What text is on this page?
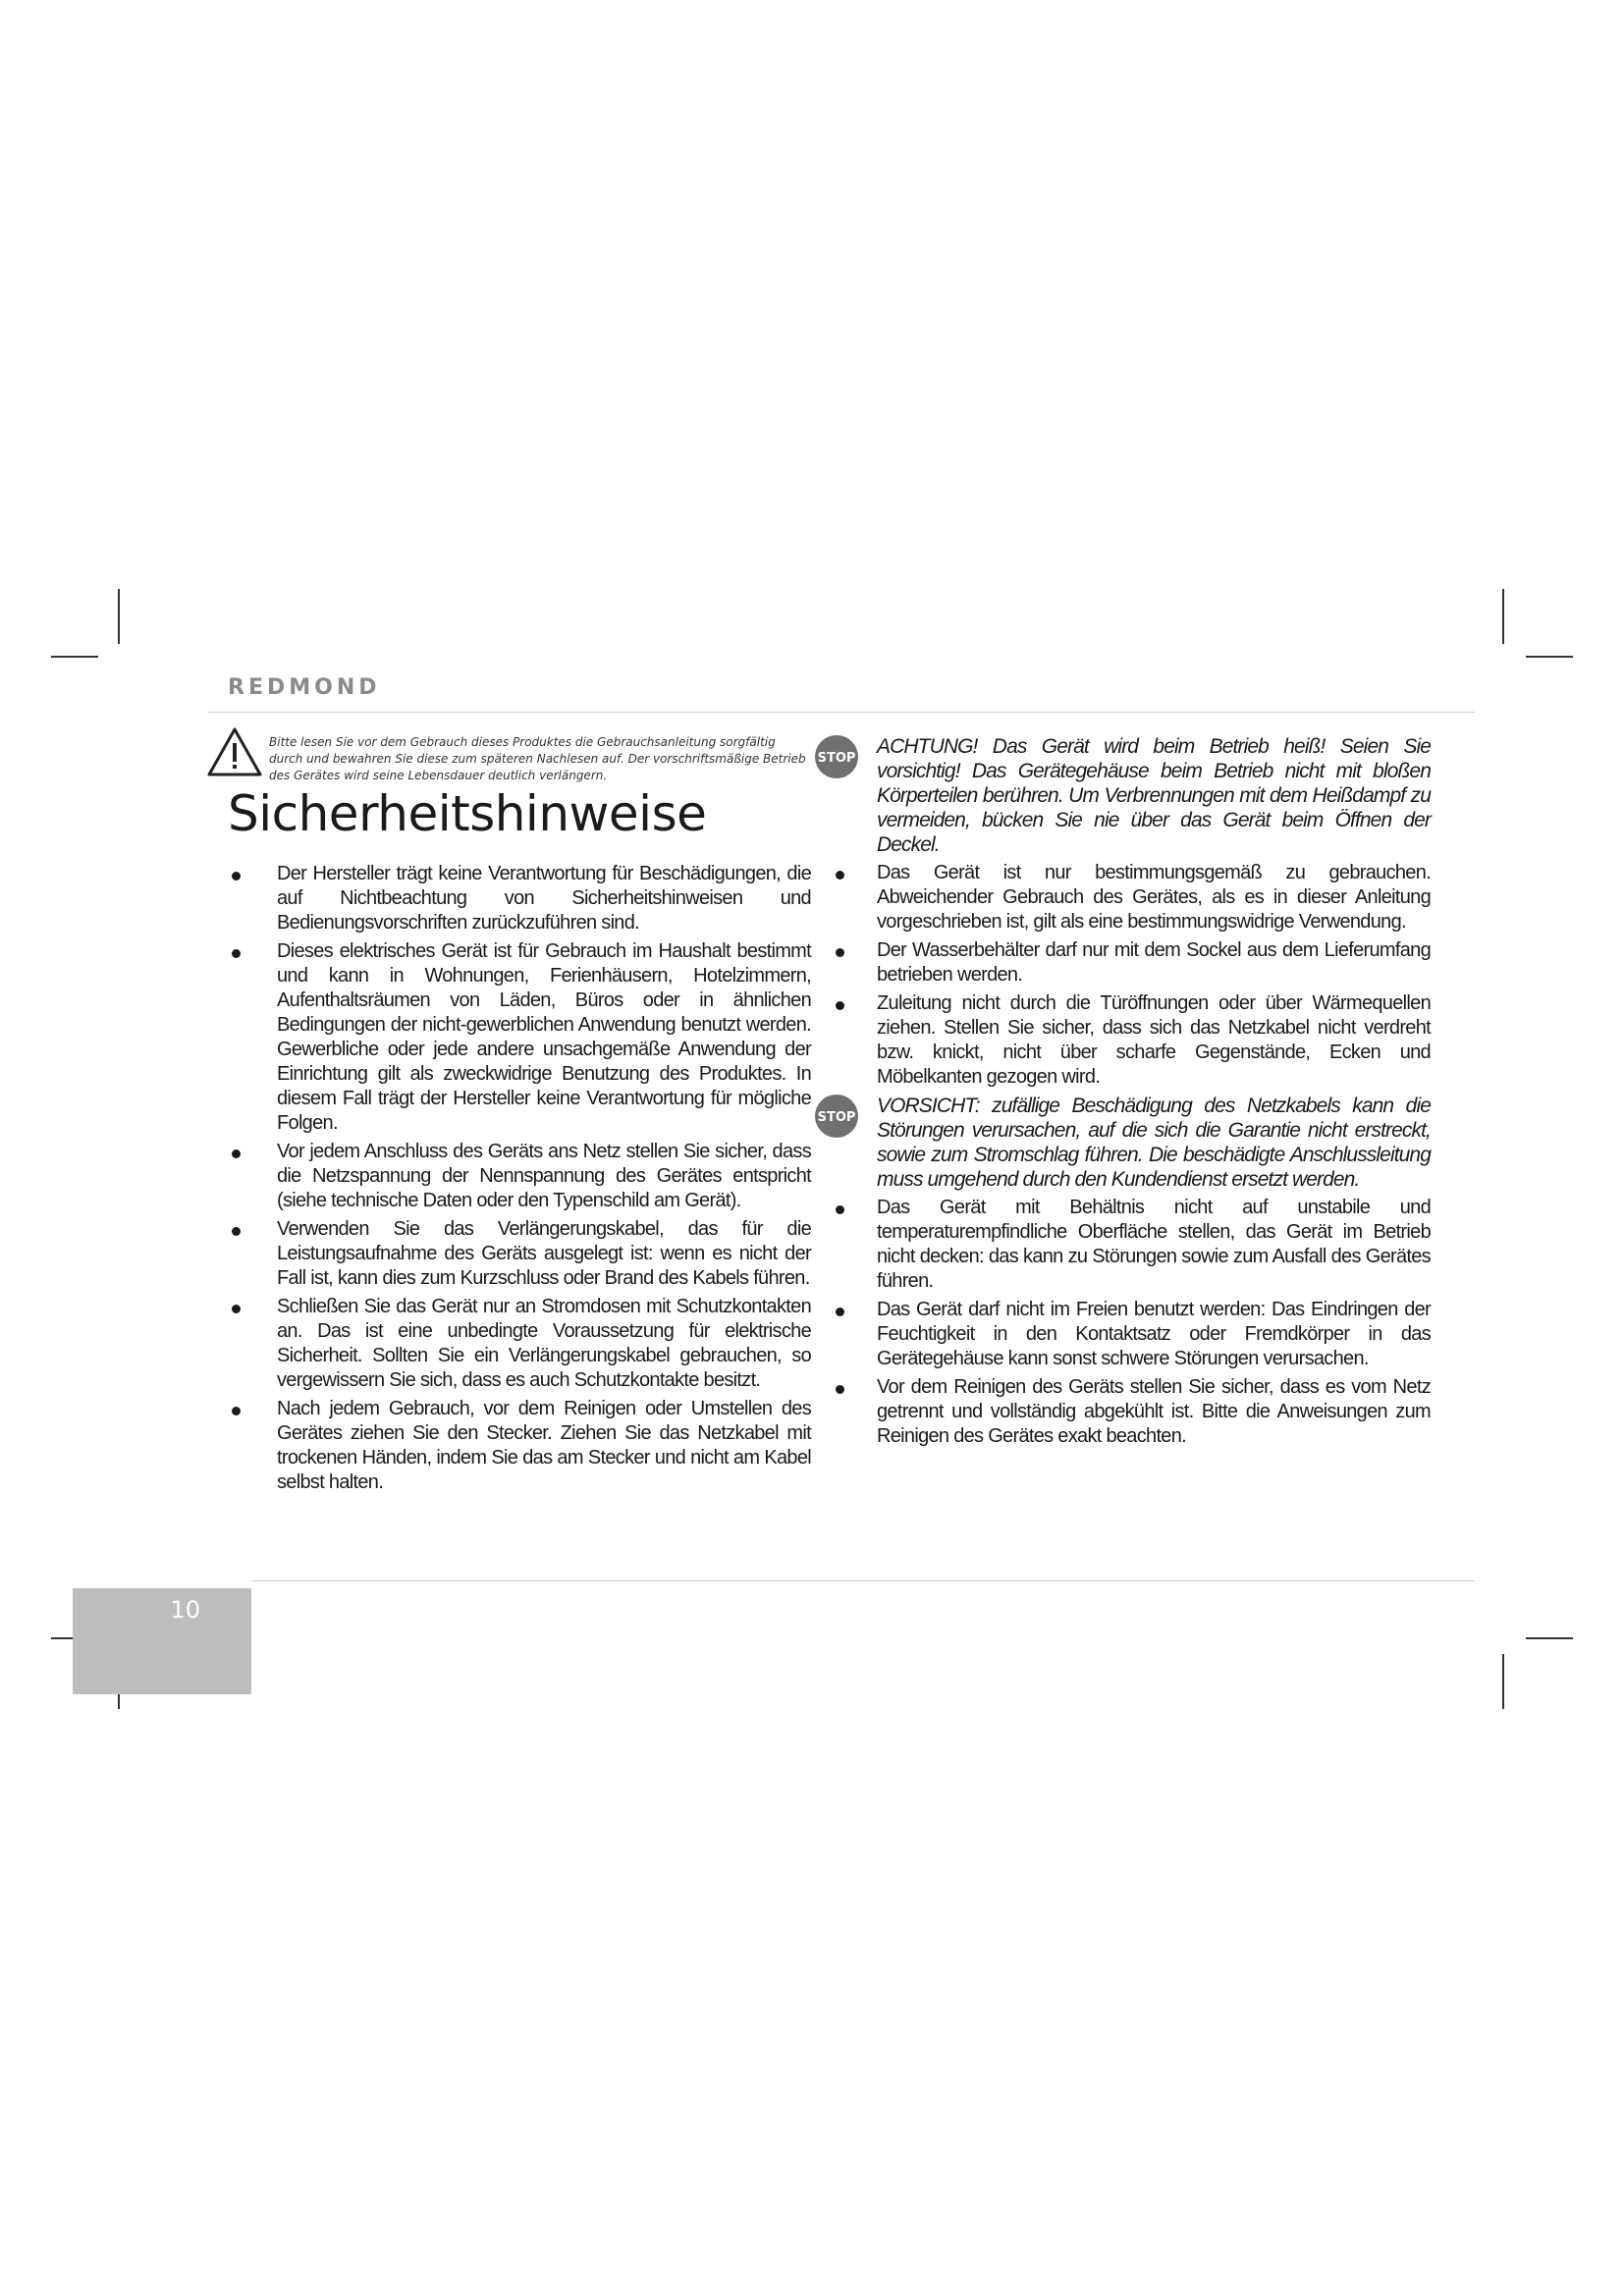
REDMOND
Bitte lesen Sie vor dem Gebrauch dieses Produktes die Gebrauchsanleitung sorgfältig durch und bewahren Sie diese zum späteren Nachlesen auf. Der vorschriftsmäßige Betrieb des Gerätes wird seine Lebensdauer deutlich verlängern.
Sicherheitshinweise
Der Hersteller trägt keine Verantwortung für Beschädigungen, die auf Nichtbeachtung von Sicherheitshinweisen und Bedienungsvorschriften zurückzuführen sind.
Dieses elektrisches Gerät ist für Gebrauch im Haushalt bestimmt und kann in Wohnungen, Ferienhäusern, Hotelzimmern, Aufenthaltsräumen von Läden, Büros oder in ähnlichen Bedingungen der nicht-gewerblichen Anwendung benutzt werden. Gewerbliche oder jede andere unsachgemäße Anwendung der Einrichtung gilt als zweckwidrige Benutzung des Produktes. In diesem Fall trägt der Hersteller keine Verantwortung für mögliche Folgen.
Vor jedem Anschluss des Geräts ans Netz stellen Sie sicher, dass die Netzspannung der Nennspannung des Gerätes entspricht (siehe technische Daten oder den Typenschild am Gerät).
Verwenden Sie das Verlängerungskabel, das für die Leistungsaufnahme des Geräts ausgelegt ist: wenn es nicht der Fall ist, kann dies zum Kurzschluss oder Brand des Kabels führen.
Schließen Sie das Gerät nur an Stromdosen mit Schutzkontakten an. Das ist eine unbedingte Voraussetzung für elektrische Sicherheit. Sollten Sie ein Verlängerungskabel gebrauchen, so vergewissern Sie sich, dass es auch Schutzkontakte besitzt.
Nach jedem Gebrauch, vor dem Reinigen oder Umstellen des Gerätes ziehen Sie den Stecker. Ziehen Sie das Netzkabel mit trockenen Händen, indem Sie das am Stecker und nicht am Kabel selbst halten.
STOP
ACHTUNG! Das Gerät wird beim Betrieb heiß! Seien Sie vorsichtig! Das Gerätegehäuse beim Betrieb nicht mit bloßen Körperteilen berühren. Um Verbrennungen mit dem Heißdampf zu vermeiden, bücken Sie nie über das Gerät beim Öffnen der Deckel.
Das Gerät ist nur bestimmungsgemäß zu gebrauchen. Abweichender Gebrauch des Gerätes, als es in dieser Anleitung vorgeschrieben ist, gilt als eine bestimmungswidrige Verwendung.
Der Wasserbehälter darf nur mit dem Sockel aus dem Lieferumfang betrieben werden.
Zuleitung nicht durch die Türöffnungen oder über Wärmequellen ziehen. Stellen Sie sicher, dass sich das Netzkabel nicht verdreht bzw. knickt, nicht über scharfe Gegenstände, Ecken und Möbelkanten gezogen wird.
STOP
VORSICHT: zufällige Beschädigung des Netzkabels kann die Störungen verursachen, auf die sich die Garantie nicht erstreckt, sowie zum Stromschlag führen. Die beschädigte Anschlussleitung muss umgehend durch den Kundendienst ersetzt werden.
Das Gerät mit Behältnis nicht auf unstabile und temperaturempfindliche Oberfläche stellen, das Gerät im Betrieb nicht decken: das kann zu Störungen sowie zum Ausfall des Gerätes führen.
Das Gerät darf nicht im Freien benutzt werden: Das Eindringen der Feuchtigkeit in den Kontaktsatz oder Fremdkörper in das Gerätegehäuse kann sonst schwere Störungen verursachen.
Vor dem Reinigen des Geräts stellen Sie sicher, dass es vom Netz getrennt und vollständig abgekühlt ist. Bitte die Anweisungen zum Reinigen des Gerätes exakt beachten.
10
